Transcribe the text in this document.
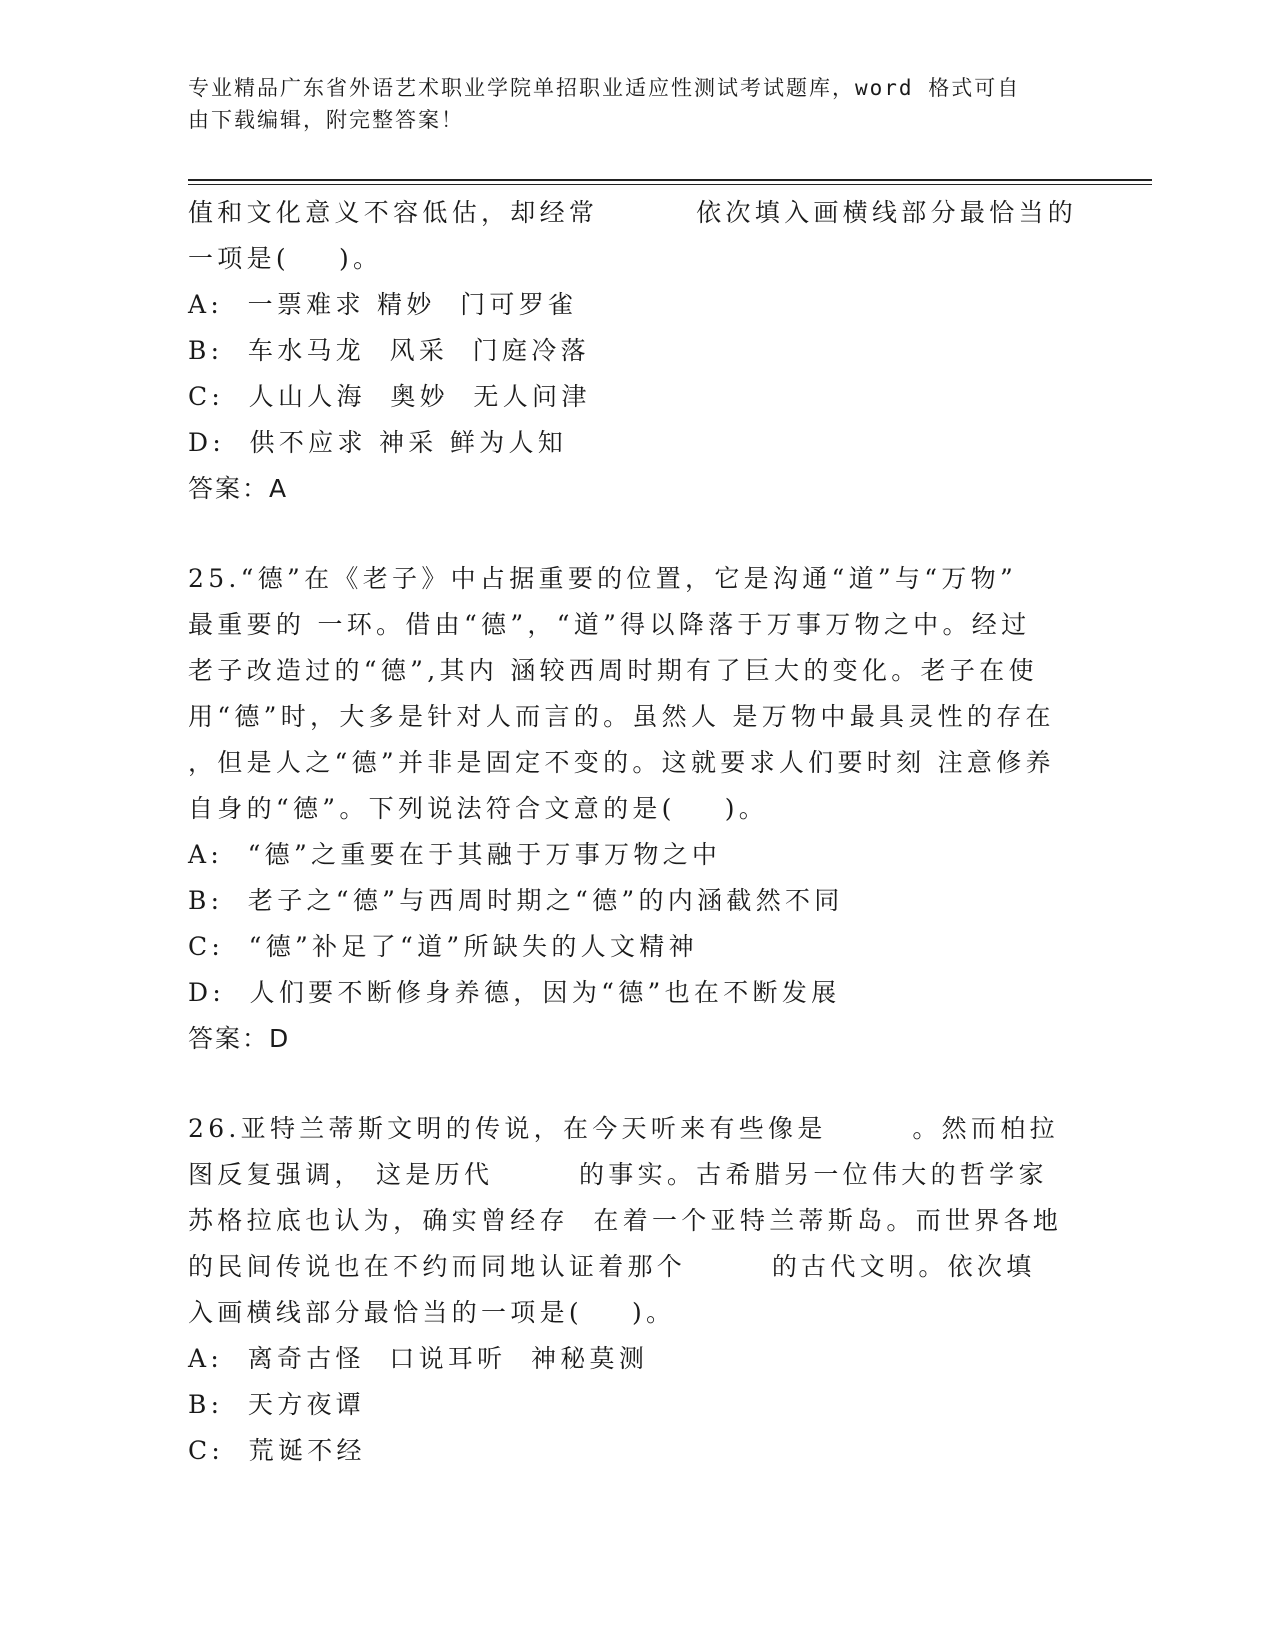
专业精品广东省外语艺术职业学院单招职业适应性测试考试题库，word 格式可自
由下载编辑，附完整答案！
值和文化意义不容低估，却经常        依次填入画横线部分最恰当的
一项是(    )。
A:  一票难求 精妙  门可罗雀
B:  车水马龙  风采  门庭冷落
C:  人山人海  奥妙  无人问津
D:  供不应求 神采 鲜为人知
答案：A
25.“德”在《老子》中占据重要的位置，它是沟通“道”与“万物”
最重要的 一环。借由“德”，“道”得以降落于万事万物之中。经过
老子改造过的“德”,其内 涵较西周时期有了巨大的变化。老子在使
用“德”时，大多是针对人而言的。虽然人 是万物中最具灵性的存在
，但是人之“德”并非是固定不变的。这就要求人们要时刻 注意修养
自身的“德”。下列说法符合文意的是(    )。
A:  “德”之重要在于其融于万事万物之中
B:  老子之“德”与西周时期之“德”的内涵截然不同
C:  “德”补足了“道”所缺失的人文精神
D:  人们要不断修身养德，因为“德”也在不断发展
答案：D
26.亚特兰蒂斯文明的传说，在今天听来有些像是       。然而柏拉
图反复强调， 这是历代       的事实。古希腊另一位伟大的哲学家
苏格拉底也认为，确实曾经存  在着一个亚特兰蒂斯岛。而世界各地
的民间传说也在不约而同地认证着那个       的古代文明。依次填
入画横线部分最恰当的一项是(    )。
A:  离奇古怪  口说耳听  神秘莫测
B:  天方夜谭
C:  荒诞不经
